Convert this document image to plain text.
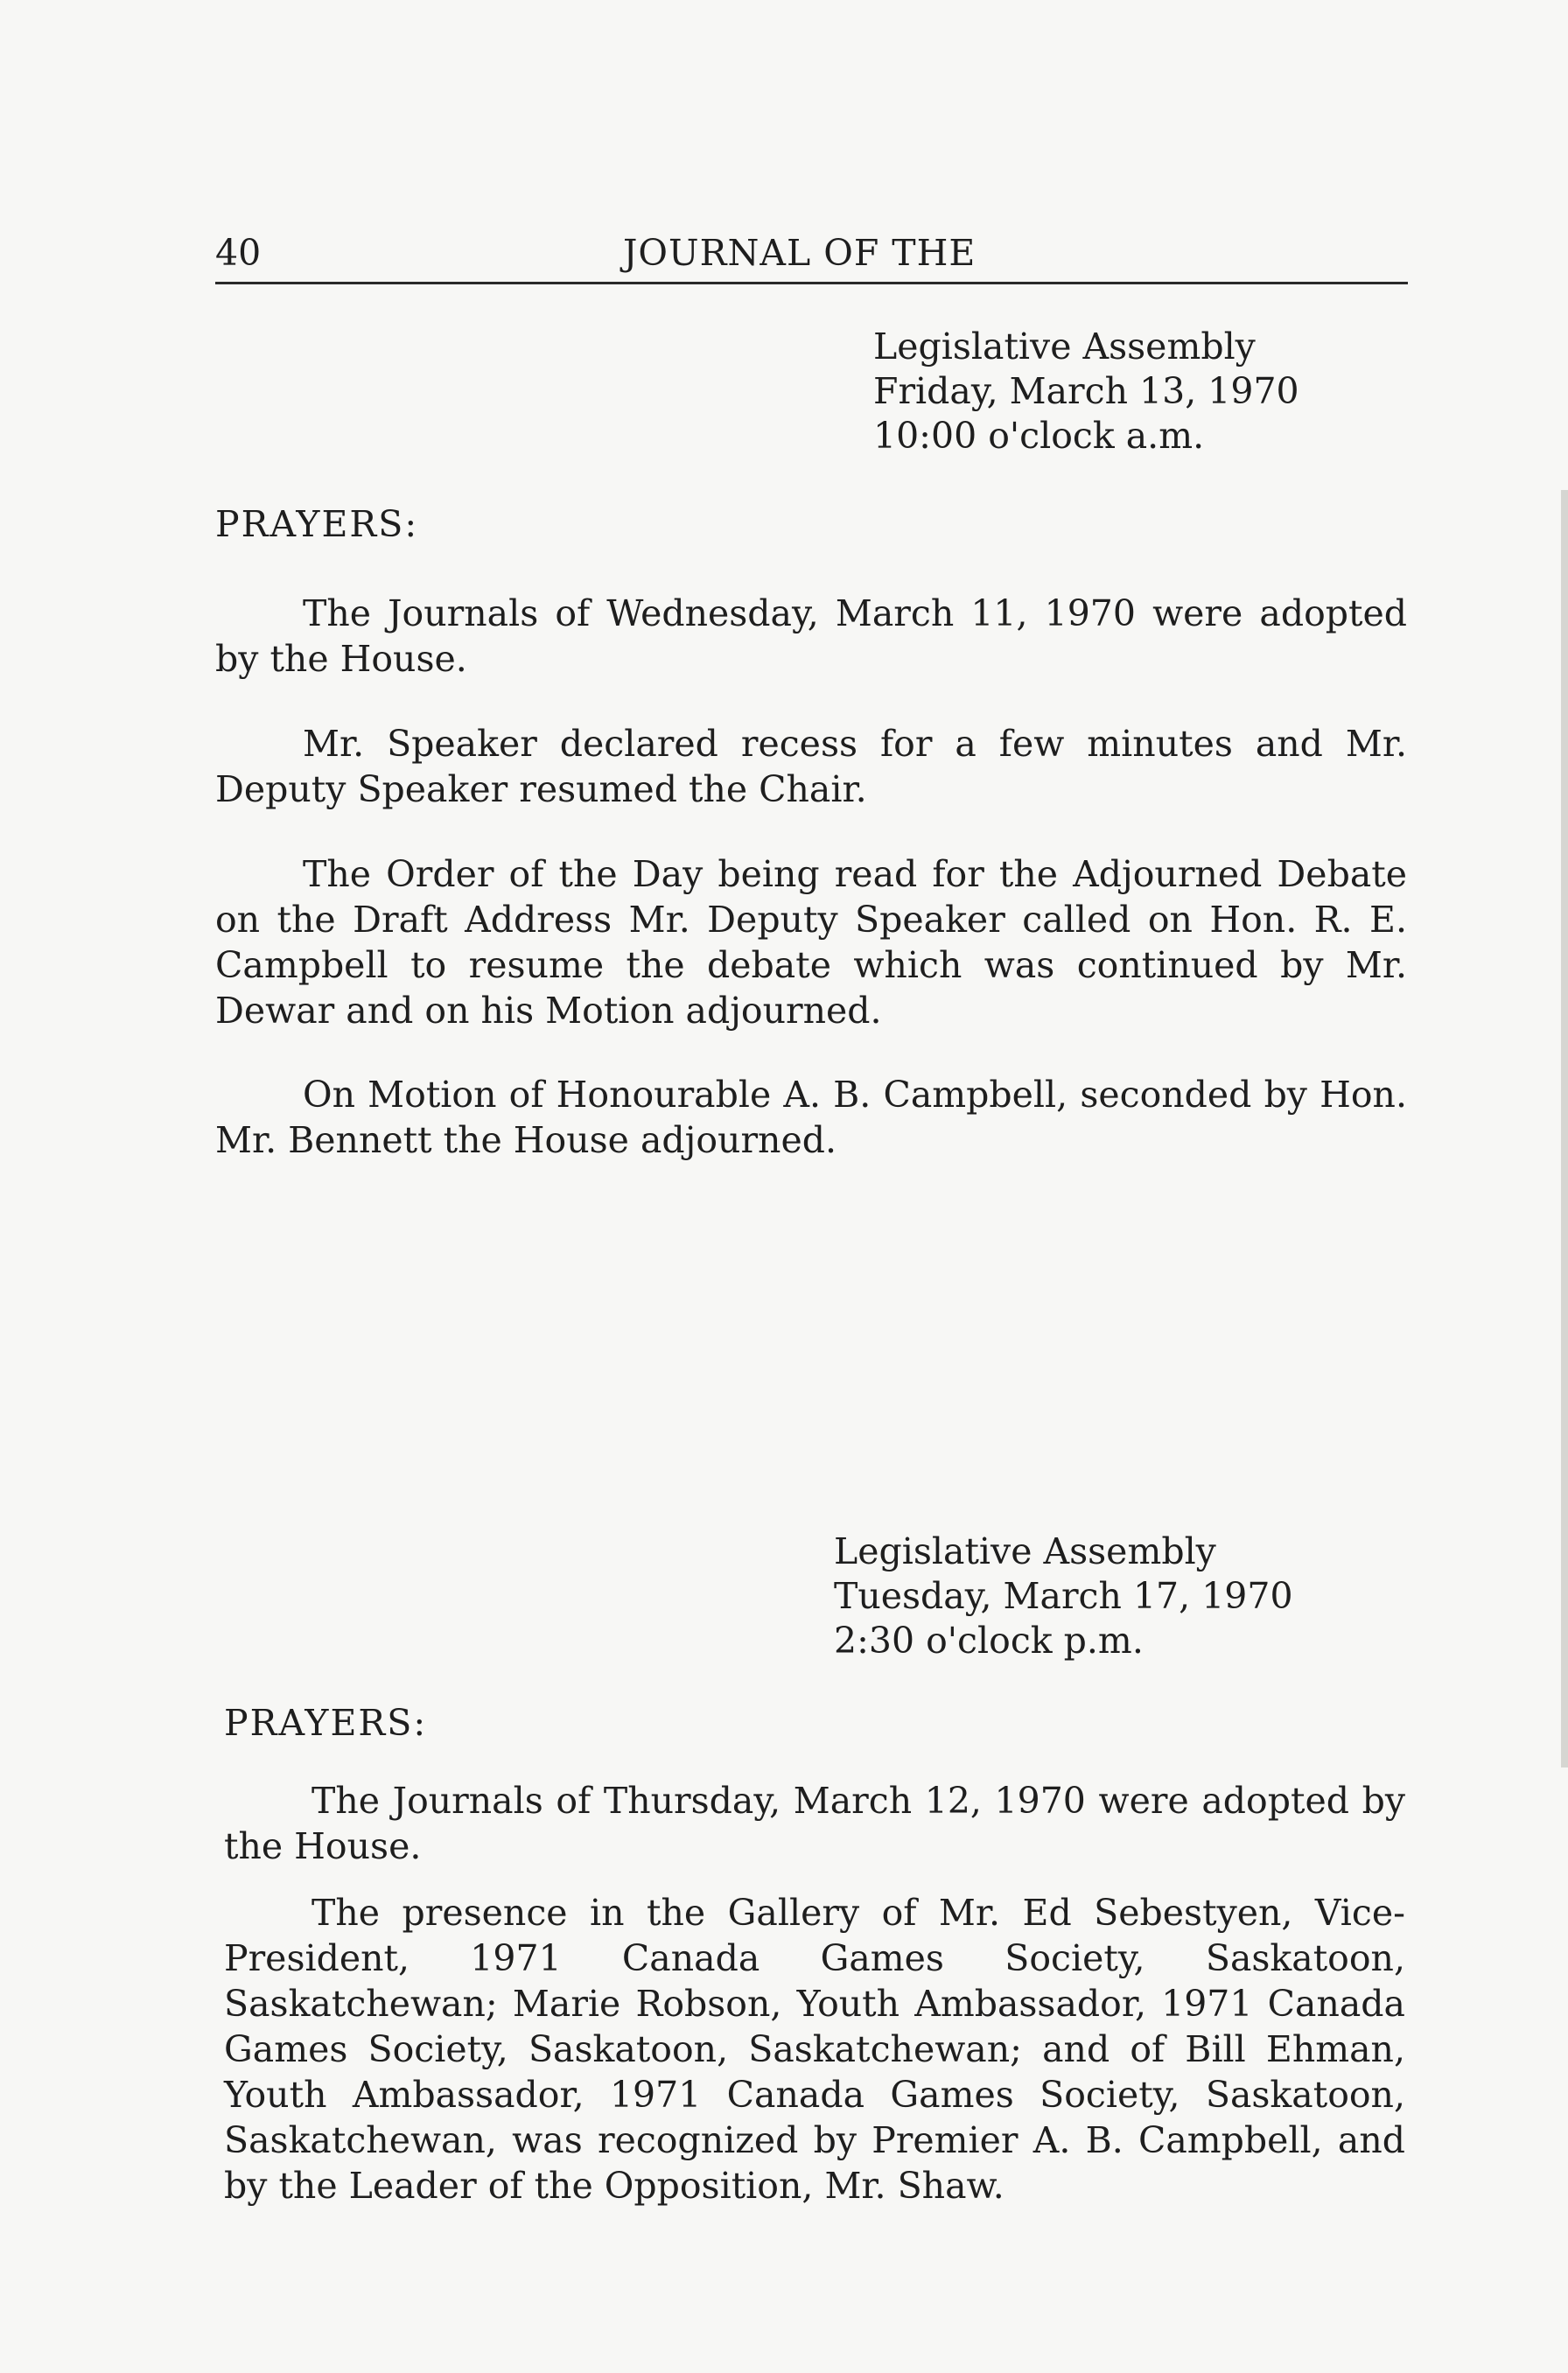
40	JOURNAL OF THE
Legislative Assembly
Friday, March 13, 1970
10:00 o'clock a.m.
PRAYERS:

The Journals of Wednesday, March 11, 1970 were adopted by the House.

Mr. Speaker declared recess for a few minutes and Mr. Deputy Speaker resumed the Chair.

The Order of the Day being read for the Adjourned Debate on the Draft Address Mr. Deputy Speaker called on Hon. R. E. Campbell to resume the debate which was continued by Mr. Dewar and on his Motion adjourned.

On Motion of Honourable A. B. Campbell, seconded by Hon. Mr. Bennett the House adjourned.

Legislative Assembly
Tuesday, March 17, 1970
2:30 o'clock p.m.
PRAYERS:

The Journals of Thursday, March 12, 1970 were adopted by the House.

The presence in the Gallery of Mr. Ed Sebestyen, Vice-President, 1971 Canada Games Society, Saskatoon, Saskatchewan; Marie Robson, Youth Ambassador, 1971 Canada Games Society, Saskatoon, Saskatchewan; and of Bill Ehman, Youth Ambassador, 1971 Canada Games Society, Saskatoon, Saskatchewan, was recognized by Premier A. B. Campbell, and by the Leader of the Opposition, Mr. Shaw.
